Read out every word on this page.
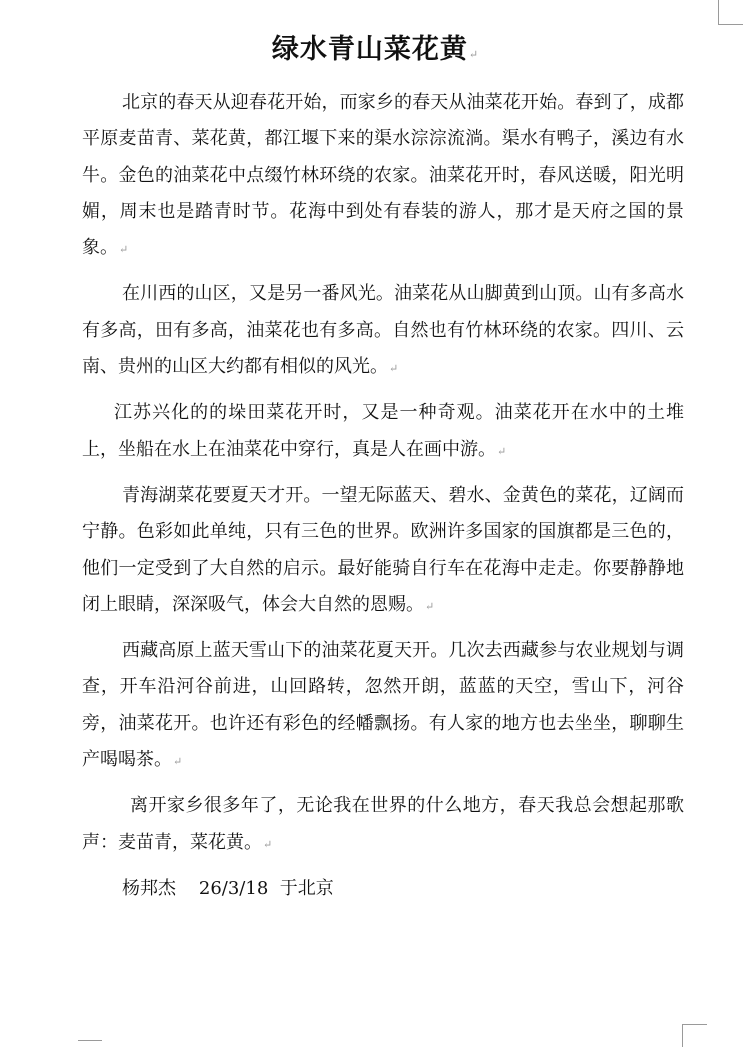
绿水青山菜花黄↵

北京的春天从迎春花开始，而家乡的春天从油菜花开始。春到了，成都平原麦苗青、菜花黄，都江堰下来的渠水淙淙流淌。渠水有鸭子，溪边有水牛。金色的油菜花中点缀竹林环绕的农家。油菜花开时，春风送暖，阳光明媚，周末也是踏青时节。花海中到处有春装的游人，那才是天府之国的景象。↵

在川西的山区，又是另一番风光。油菜花从山脚黄到山顶。山有多高水有多高，田有多高，油菜花也有多高。自然也有竹林环绕的农家。四川、云南、贵州的山区大约都有相似的风光。↵

江苏兴化的的垛田菜花开时，又是一种奇观。油菜花开在水中的土堆上，坐船在水上在油菜花中穿行，真是人在画中游。↵

青海湖菜花要夏天才开。一望无际蓝天、碧水、金黄色的菜花，辽阔而宁静。色彩如此单纯，只有三色的世界。欧洲许多国家的国旗都是三色的，他们一定受到了大自然的启示。最好能骑自行车在花海中走走。你要静静地闭上眼睛，深深吸气，体会大自然的恩赐。↵

西藏高原上蓝天雪山下的油菜花夏天开。几次去西藏参与农业规划与调查，开车沿河谷前进，山回路转，忽然开朗，蓝蓝的天空，雪山下，河谷旁，油菜花开。也许还有彩色的经幡飘扬。有人家的地方也去坐坐，聊聊生产喝喝茶。↵

离开家乡很多年了，无论我在世界的什么地方，春天我总会想起那歌声：麦苗青，菜花黄。↵

杨邦杰 26/3/18 于北京
